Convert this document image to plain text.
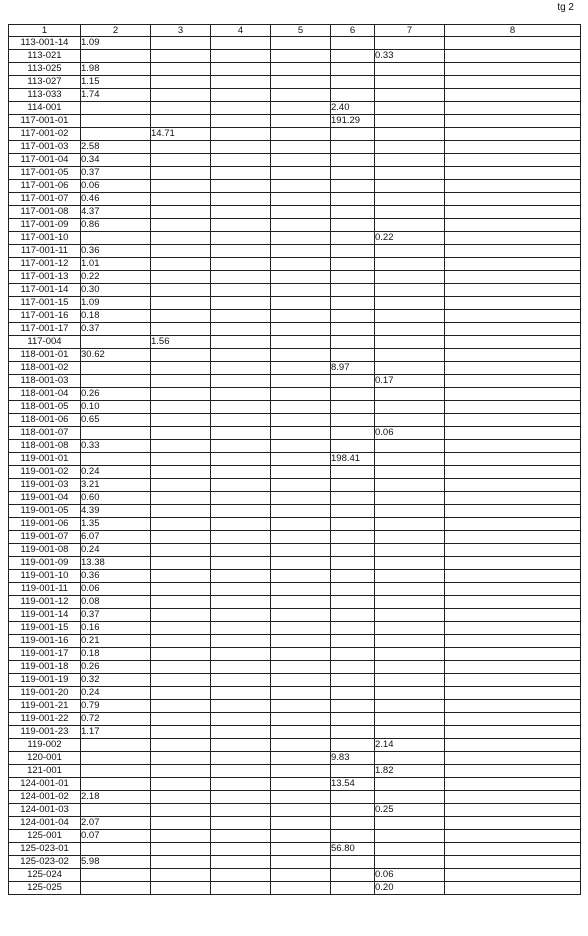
tg 2
1	2	3	4	5	6	7	8
113-001-14	1.09						
113-021						0.33	
113-025	1.98						
113-027	1.15						
113-033	1.74						
114-001					2.40		
117-001-01					191.29		
117-001-02		14.71					
117-001-03	2.58						
117-001-04	0.34						
117-001-05	0.37						
117-001-06	0.06						
117-001-07	0.46						
117-001-08	4.37						
117-001-09	0.86						
117-001-10						0.22	
117-001-11	0.36						
117-001-12	1.01						
117-001-13	0.22						
117-001-14	0.30						
117-001-15	1.09						
117-001-16	0.18						
117-001-17	0.37						
117-004		1.56					
118-001-01	30.62						
118-001-02					8.97		
118-001-03						0.17	
118-001-04	0.26						
118-001-05	0.10						
118-001-06	0.65						
118-001-07						0.06	
118-001-08	0.33						
119-001-01					198.41		
119-001-02	0.24						
119-001-03	3.21						
119-001-04	0.60						
119-001-05	4.39						
119-001-06	1.35						
119-001-07	6.07						
119-001-08	0.24						
119-001-09	13.38						
119-001-10	0.36						
119-001-11	0.06						
119-001-12	0.08						
119-001-14	0.37						
119-001-15	0.16						
119-001-16	0.21						
119-001-17	0.18						
119-001-18	0.26						
119-001-19	0.32						
119-001-20	0.24						
119-001-21	0.79						
119-001-22	0.72						
119-001-23	1.17						
119-002						2.14	
120-001					9.83		
121-001						1.82	
124-001-01					13.54		
124-001-02	2.18						
124-001-03						0.25	
124-001-04	2.07						
125-001	0.07						
125-023-01					56.80		
125-023-02	5.98						
125-024						0.06	
125-025						0.20	
